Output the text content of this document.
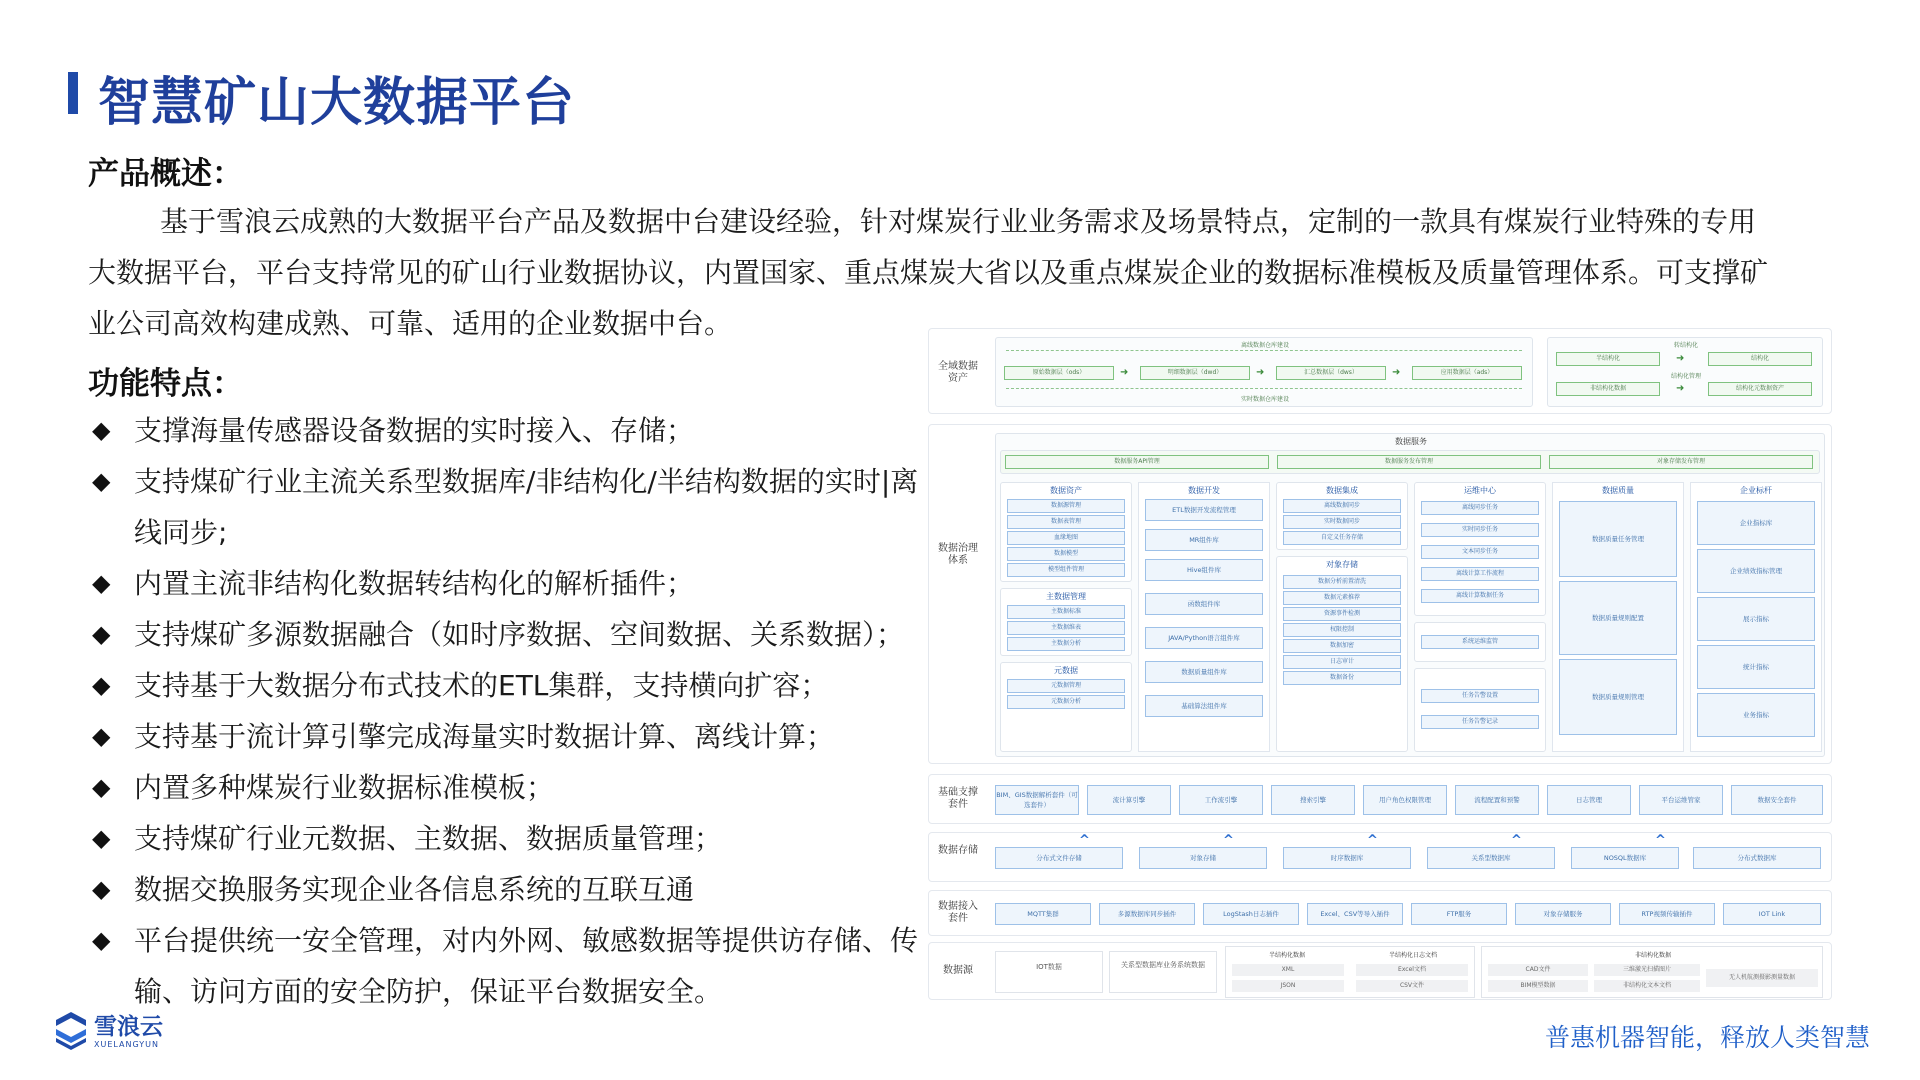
智慧矿山大数据平台
产品概述：
基于雪浪云成熟的大数据平台产品及数据中台建设经验，针对煤炭行业业务需求及场景特点，定制的一款具有煤炭行业特殊的专用大数据平台，平台支持常见的矿山行业数据协议，内置国家、重点煤炭大省以及重点煤炭企业的数据标准模板及质量管理体系。可支撑矿业公司高效构建成熟、可靠、适用的企业数据中台。
功能特点：
◆ 支撑海量传感器设备数据的实时接入、存储；
◆ 支持煤矿行业主流关系型数据库/非结构化/半结构数据的实时|离线同步;
◆ 内置主流非结构化数据转结构化的解析插件；
◆ 支持煤矿多源数据融合（如时序数据、空间数据、关系数据）；
◆ 支持基于大数据分布式技术的ETL集群，支持横向扩容；
◆ 支持基于流计算引擎完成海量实时数据计算、离线计算；
◆ 内置多种煤炭行业数据标准模板；
◆ 支持煤矿行业元数据、主数据、数据质量管理；
◆ 数据交换服务实现企业各信息系统的互联互通
◆ 平台提供统一安全管理，对内外网、敏感数据等提供访存储、传输、访问方面的安全防护，保证平台数据安全。
全域数据资产
离线数据仓库建设
原始数据层（ods）	➜	明细数据层（dwd）	➜	汇总数据层（dws）	➜	应用数据层（ads）
实时数据仓库建设
转结构化
半结构化	➜	结构化
结构化管理
非结构化数据	➜	结构化元数据资产
数据治理体系
数据服务
数据服务API管理	数据服务发布管理	对象存储发布管理
数据资产
数据源管理
数据表管理
血缘地图
数据模型
模型组件管理
主数据管理
主数据标准
主数据维表
主数据分析
元数据
元数据管理
元数据分析
数据开发
ETL数据开发流程管理
MR组件库
Hive组件库
函数组件库
JAVA/Python语言组件库
数据质量组件库
基础算法组件库
数据集成
离线数据同步
实时数据同步
自定义任务存储
对象存储
数据分析前置清洗
数据元素推荐
资源事件检测
权限控制
数据加密
日志审计
数据备份
运维中心
离线同步任务
实时同步任务
文本同步任务
离线计算工作流程
离线计算数据任务
系统运维监管
任务告警设置
任务告警记录
数据质量
数据质量任务管理
数据质量规则配置
数据质量规则管理
企业标杆
企业指标库
企业绩效指标管理
展示指标
统计指标
业务指标
基础支撑套件
BIM、GIS数据解析套件（可选套件）
流计算引擎	工作流引擎	搜索引擎	用户角色权限管理	流程配置和预警	日志管理	平台运维管家	数据安全套件
数据存储
分布式文件存储
^
对象存储
^
时序数据库
^
关系型数据库
^
NOSQL数据库
^
分布式数据库
数据接入套件	MQTT集群	多源数据库同步插件	LogStash日志插件	Excel、CSV等导入插件	FTP服务	对象存储服务	RTP视频传输插件	IOT Link
数据源	IOT数据	关系型数据库业务系统数据
半结构化数据
XML
JSON
半结构化日志文档
Excel文档
CSV文件
非结构化数据
CAD文件	三维激光扫描图片
无人机航测摄影测量数据
BIM模型数据	非结构化文本文档
雪浪云
XUELANGYUN	普惠机器智能，释放人类智慧
